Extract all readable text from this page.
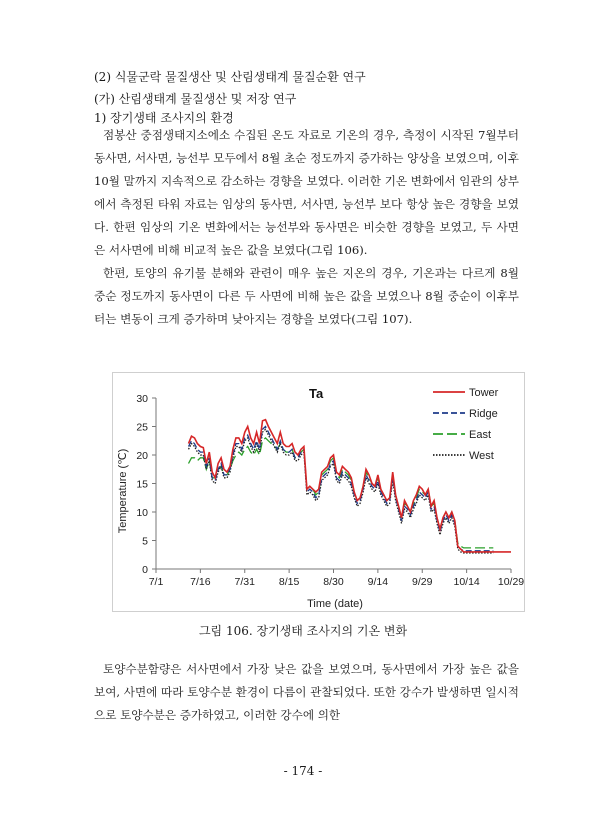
(2) 식물군락 물질생산 및 산림생태계 물질순환 연구
(가) 산림생태계 물질생산 및 저장 연구
1) 장기생태 조사지의 환경

점봉산 중점생태지소에소 수집된 온도 자료로 기온의 경우, 측정이 시작된 7월부터 동사면, 서사면, 능선부 모두에서 8월 초순 정도까지 증가하는 양상을 보였으며, 이후 10월 말까지 지속적으로 감소하는 경향을 보였다. 이러한 기온 변화에서 임관의 상부에서 측정된 타워 자료는 임상의 동사면, 서사면, 능선부 보다 항상 높은 경향을 보였다. 한편 임상의 기온 변화에서는 능선부와 동사면은 비슷한 경향을 보였고, 두 사면은 서사면에 비해 비교적 높은 값을 보였다(그림 106).

한편, 토양의 유기물 분해와 관련이 매우 높은 지온의 경우, 기온과는 다르게 8월 중순 정도까지 동사면이 다른 두 사면에 비해 높은 값을 보였으나 8월 중순이 이후부터는 변동이 크게 증가하며 낮아지는 경향을 보였다(그림 107).

0
5
10
15
20
25
30
7/1	7/16 7/31 8/15 8/30 9/14 9/29 10/14 10/29
Tower
Ridge
East
West
Ta
Time (date)
Temperature (℃)
그림 106. 장기생태 조사지의 기온 변화

토양수분함량은 서사면에서 가장 낮은 값을 보였으며, 동사면에서 가장 높은 값을 보여, 사면에 따라 토양수분 환경이 다름이 관찰되었다. 또한 강수가 발생하면 일시적으로 토양수분은 증가하였고, 이러한 강수에 의한

- 174 -
